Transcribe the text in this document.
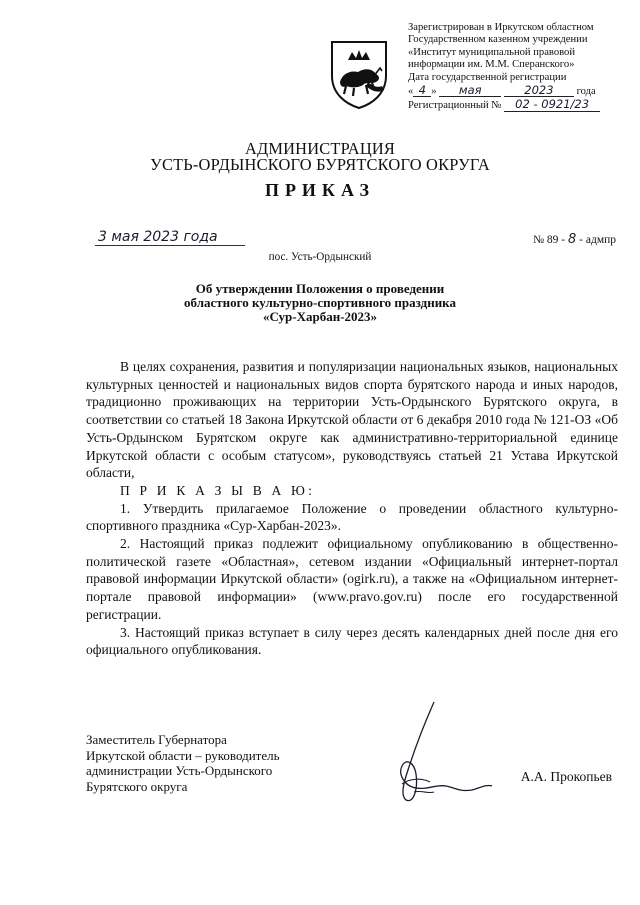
Зарегистрирован в Иркутском областном
Государственном казенном учреждении
«Институт муниципальной правовой
информации им. М.М. Сперанского»
Дата государственной регистрации
« 4 » мая	2023 года
Регистрационный № 02 - 0921/23
АДМИНИСТРАЦИЯ
УСТЬ-ОРДЫНСКОГО БУРЯТСКОГО ОКРУГА
ПРИКАЗ
3 мая 2023 года	№ 89 - 8 - адмпр
пос. Усть-Ордынский
Об утверждении Положения о проведении
областного культурно-спортивного праздника
«Сур-Харбан-2023»

В целях сохранения, развития и популяризации национальных языков, национальных культурных ценностей и национальных видов спорта бурятского народа и иных народов, традиционно проживающих на территории Усть-Ордынского Бурятского округа, в соответствии со статьей 18 Закона Иркутской области от 6 декабря 2010 года № 121-ОЗ «Об Усть-Ордынском Бурятском округе как административно-территориальной единице Иркутской области с особым статусом», руководствуясь статьей 21 Устава Иркутской области,

П Р И К А З Ы В А Ю:

1. Утвердить прилагаемое Положение о проведении областного культурно-спортивного праздника «Сур-Харбан-2023».

2. Настоящий приказ подлежит официальному опубликованию в общественно-политической газете «Областная», сетевом издании «Официальный интернет-портал правовой информации Иркутской области» (ogirk.ru), а также на «Официальном интернет-портале правовой информации» (www.pravo.gov.ru) после его государственной регистрации.

3. Настоящий приказ вступает в силу через десять календарных дней после дня его официального опубликования.

Заместитель Губернатора
Иркутской области – руководитель
администрации Усть-Ордынского
Бурятского округа
А.А. Прокопьев
